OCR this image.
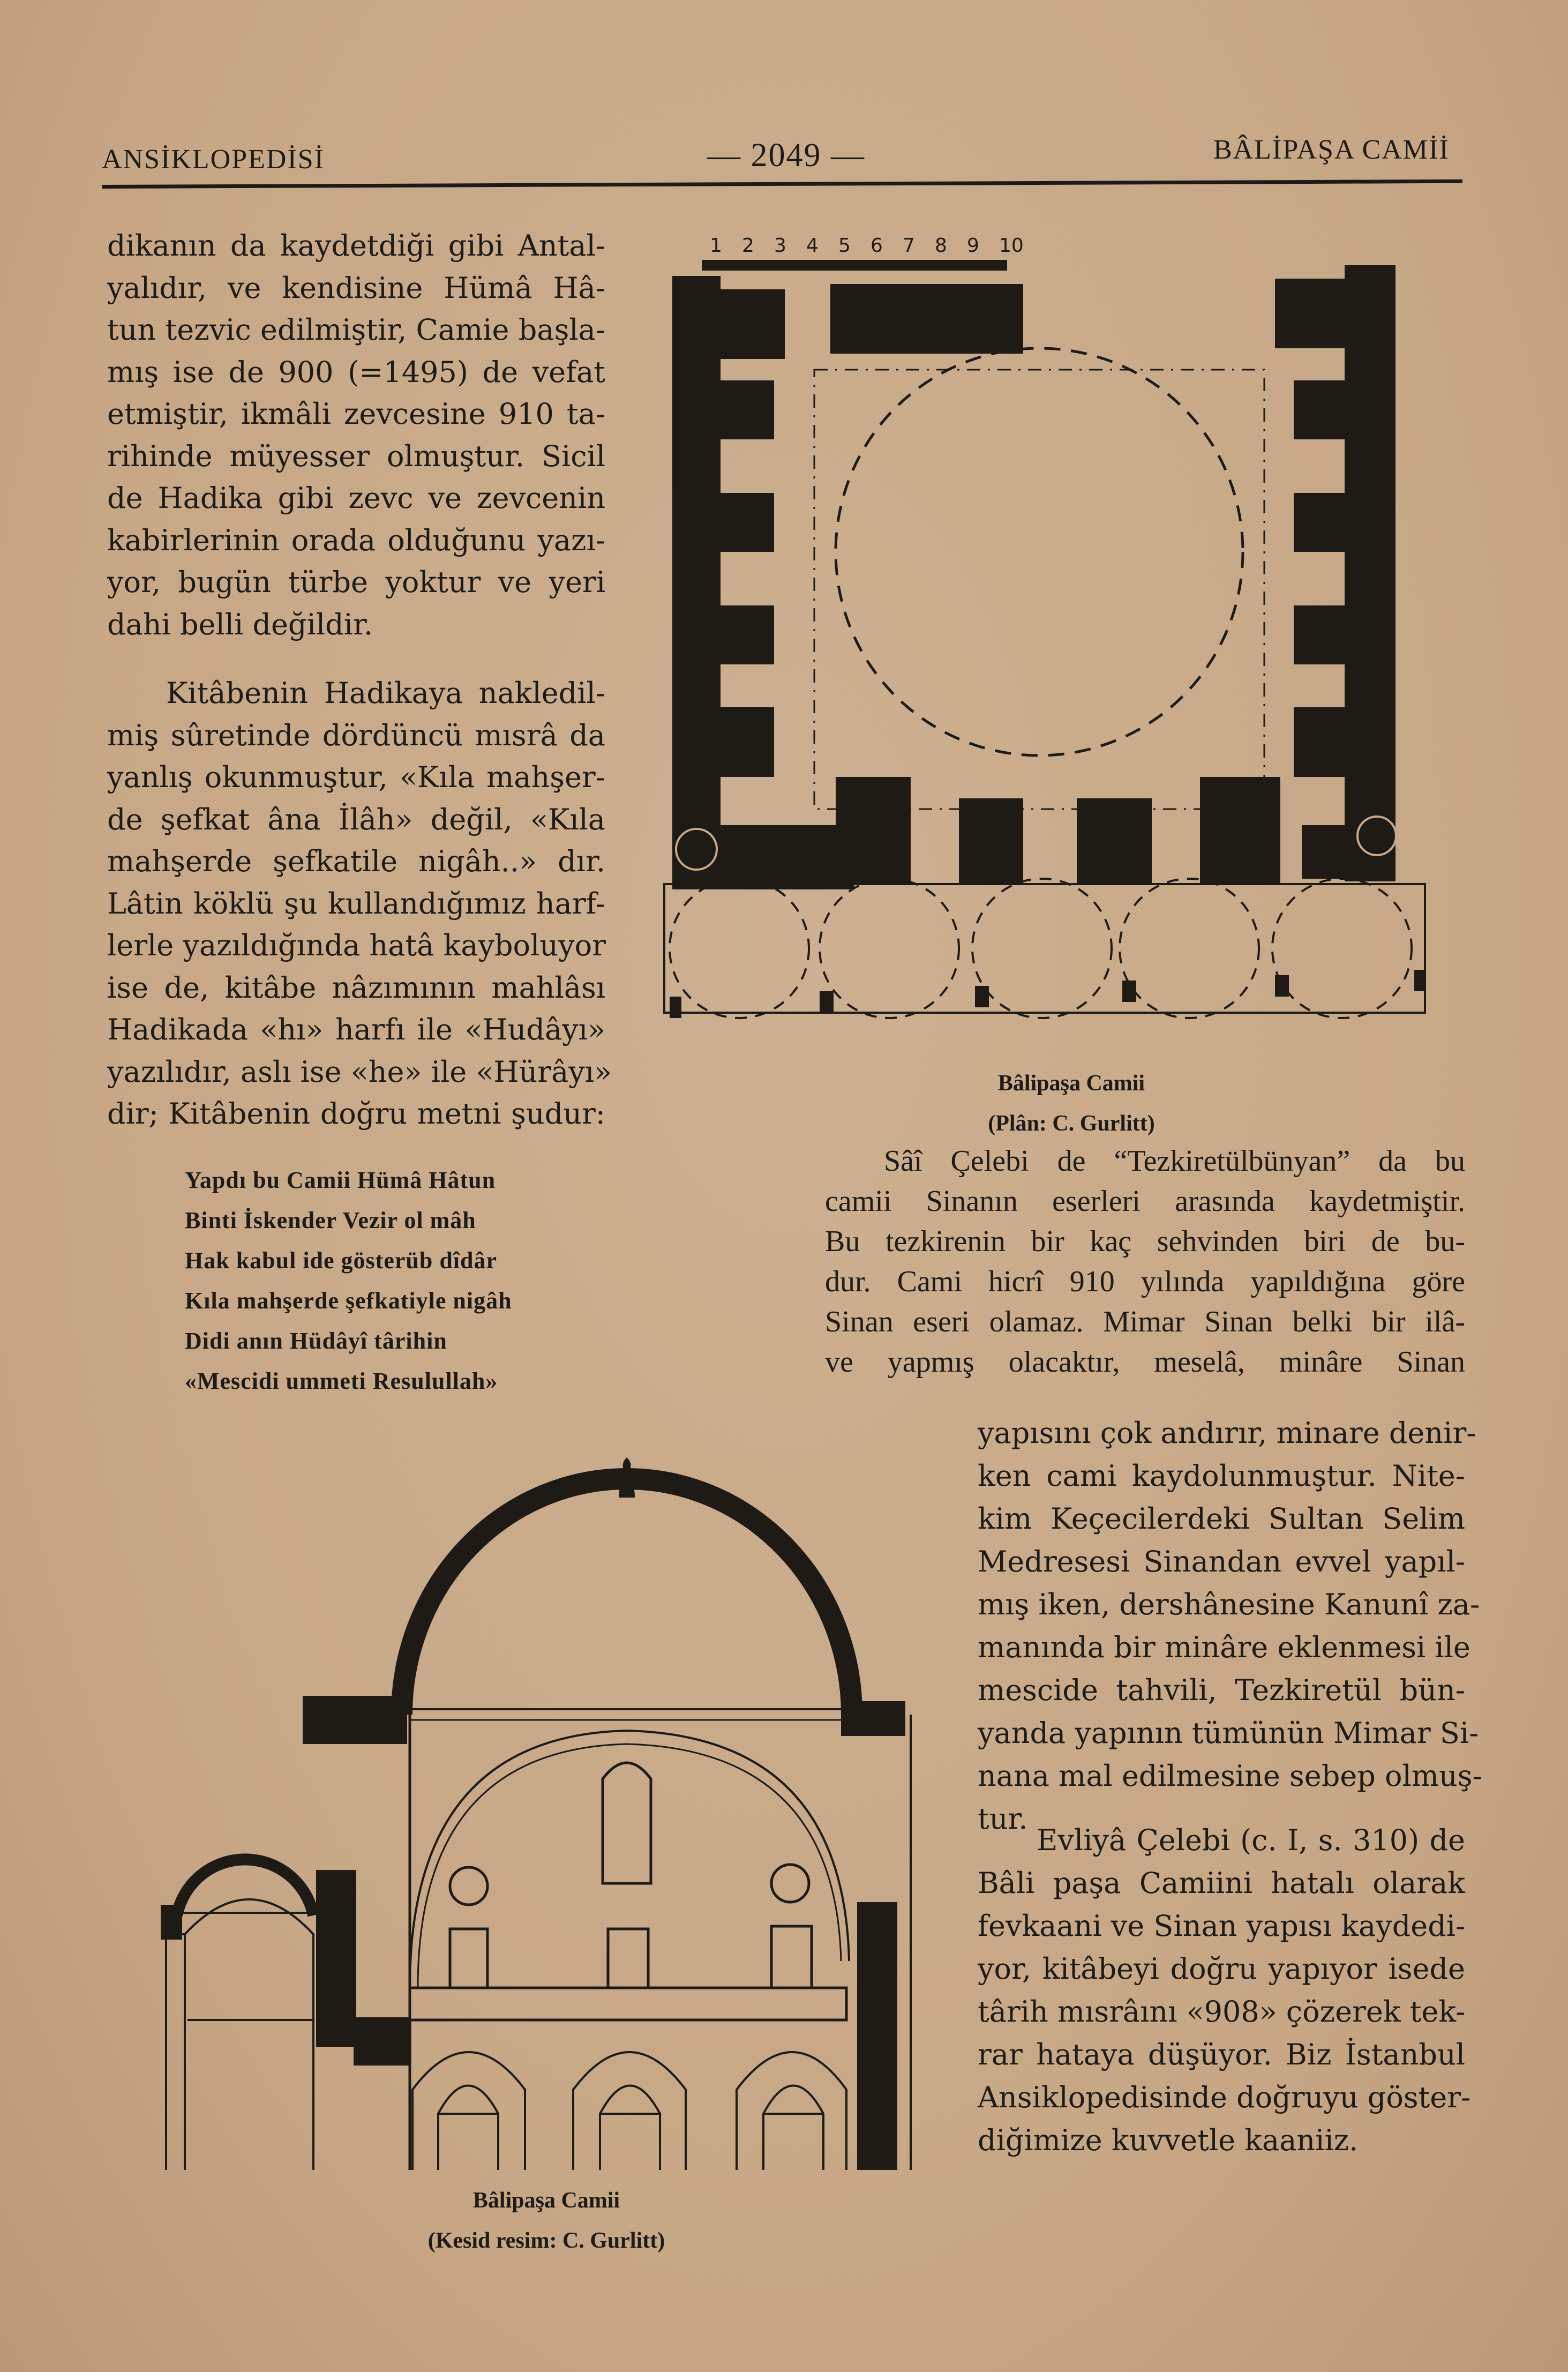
ANSİKLOPEDİSİ	— 2049 —	BÂLİPAŞA CAMİİ
dikanın da kaydetdiği gibi Antal-
yalıdır, ve kendisine Hümâ Hâ-
tun tezvic edilmiştir, Camie başla-
mış ise de 900 (=1495) de vefat
etmiştir, ikmâli zevcesine 910 ta-
rihinde müyesser olmuştur. Sicil
de Hadika gibi zevc ve zevcenin
kabirlerinin orada olduğunu yazı-
yor, bugün türbe yoktur ve yeri
dahi belli değildir.
Kitâbenin Hadikaya nakledil-
miş sûretinde dördüncü mısrâ da
yanlış okunmuştur, «Kıla mahşer-
de şefkat âna İlâh» değil, «Kıla
mahşerde şefkatile nigâh..» dır.
Lâtin köklü şu kullandığımız harf-
lerle yazıldığında hatâ kayboluyor
ise de, kitâbe nâzımının mahlâsı
Hadikada «hı» harfı ile «Hudâyı»
yazılıdır, aslı ise «he» ile «Hürâyı»
dir; Kitâbenin doğru metni şudur:
Yapdı bu Camii Hümâ Hâtun
Binti İskender Vezir ol mâh
Hak kabul ide gösterüb dîdâr
Kıla mahşerde şefkatiyle nigâh
Didi anın Hüdâyî târihin
«Mescidi ummeti Resulullah»
1 2 3 4 5 6 7 8 9 10
Bâlipaşa Camii
(Plân: C. Gurlitt)
Bâlipaşa Camii
(Kesid resim: C. Gurlitt)
Sâî Çelebi de “Tezkiretülbünyan” da bu
camii Sinanın eserleri arasında kaydetmiştir.
Bu tezkirenin bir kaç sehvinden biri de bu-
dur. Cami hicrî 910 yılında yapıldığına göre
Sinan eseri olamaz. Mimar Sinan belki bir ilâ-
ve yapmış olacaktır, meselâ, minâre Sinan
yapısını çok andırır, minare denir-
ken cami kaydolunmuştur. Nite-
kim Keçecilerdeki Sultan Selim
Medresesi Sinandan evvel yapıl-
mış iken, dershânesine Kanunî za-
manında bir minâre eklenmesi ile
mescide tahvili, Tezkiretül bün-
yanda yapının tümünün Mimar Si-
nana mal edilmesine sebep olmuş-
tur.
Evliyâ Çelebi (c. I, s. 310) de
Bâli paşa Camiini hatalı olarak
fevkaani ve Sinan yapısı kaydedi-
yor, kitâbeyi doğru yapıyor isede
târih mısrâını «908» çözerek tek-
rar hataya düşüyor. Biz İstanbul
Ansiklopedisinde doğruyu göster-
diğimize kuvvetle kaaniiz.
